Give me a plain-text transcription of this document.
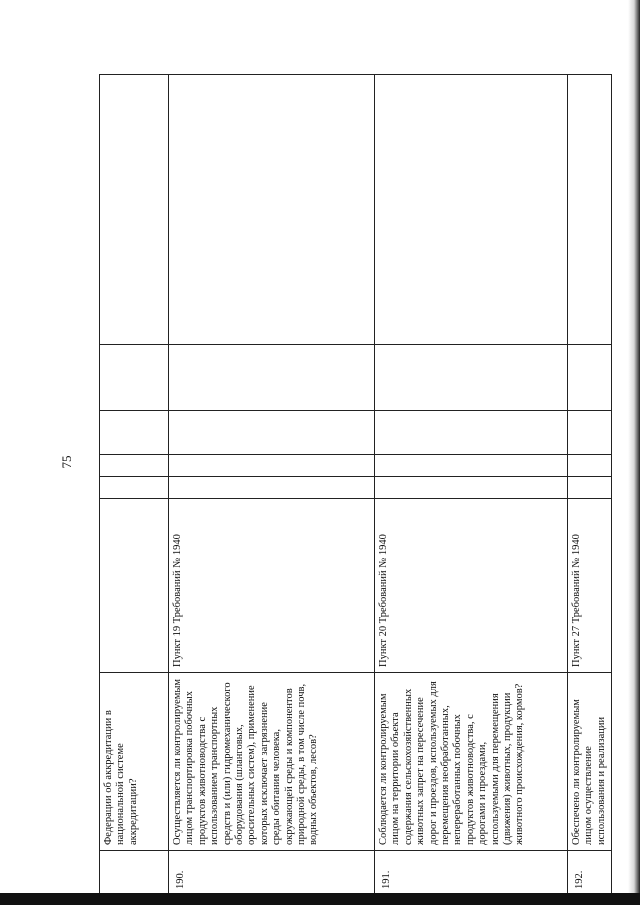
75
	Федерации об аккредитации в национальной системе аккредитации?						
190.	Осуществляется ли контролируемым лицом транспортировка побочных продуктов животноводства с использованием транспортных средств и (или) гидромеханического оборудования (шланговых, оросительных систем), применение которых исключает загрязнение среды обитания человека, окружающей среды и компонентов природной среды, в том числе почв, водных объектов, лесов?	Пункт 19 Требований № 1940					
191.	Соблюдается ли контролируемым лицом на территории объекта содержания сельскохозяйственных животных запрет на пересечение дорог и проездов, используемых для перемещения необработанных, непереработанных побочных продуктов животноводства, с дорогами и проездами, используемыми для перемещения (движения) животных, продукции животного происхождения, кормов?	Пункт 20 Требований № 1940					
192.	Обеспечено ли контролируемым лицом осуществление использования и реализации	Пункт 27 Требований № 1940					
